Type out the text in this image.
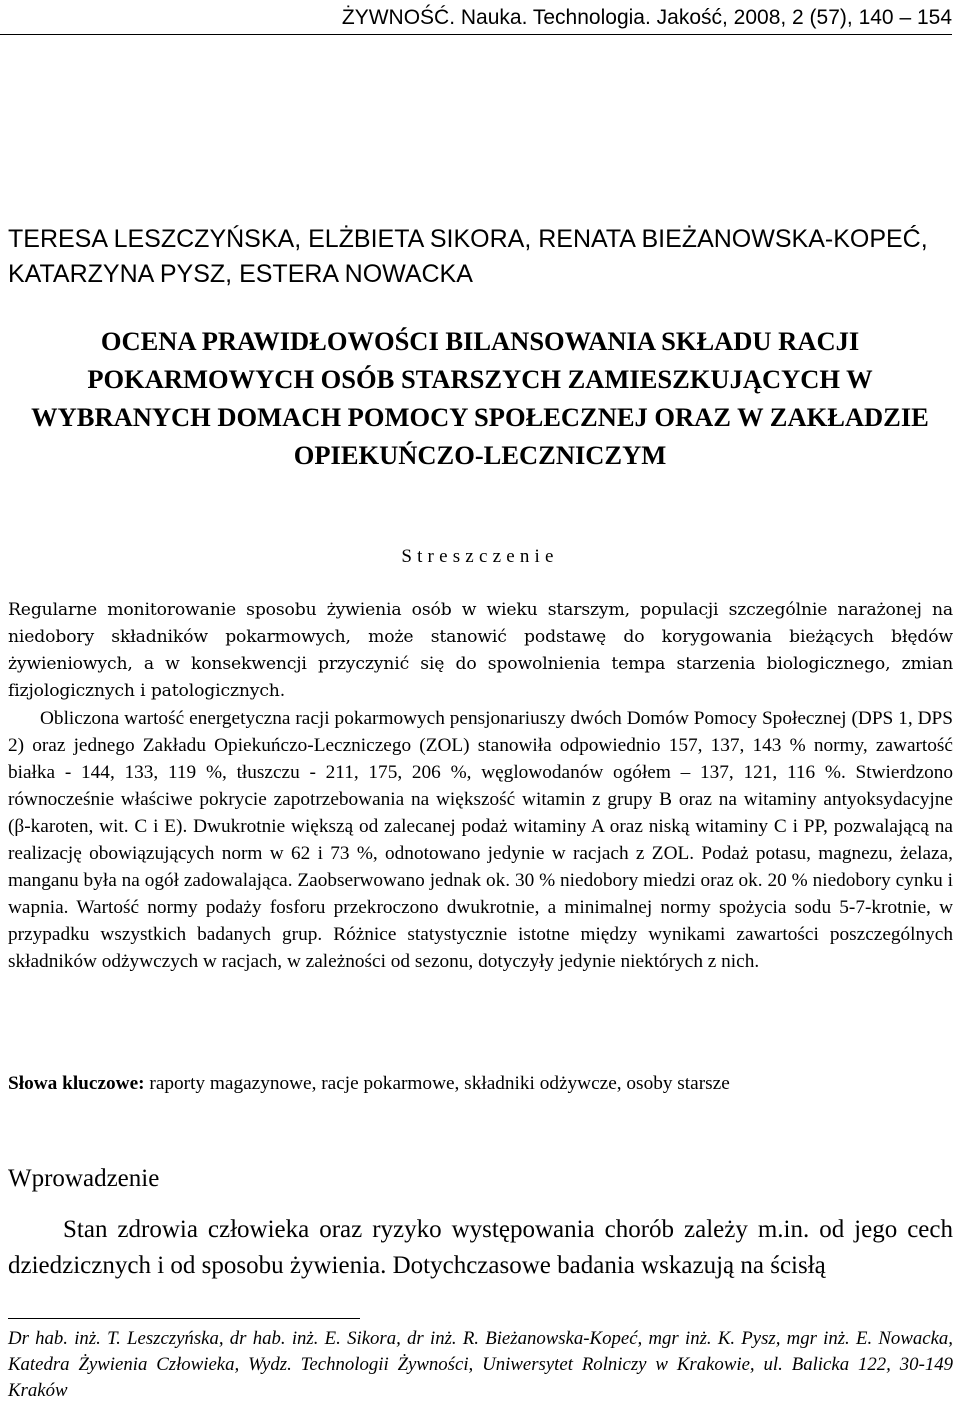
ŻYWNOŚĆ. Nauka. Technologia. Jakość, 2008, 2 (57), 140 – 154
TERESA LESZCZYŃSKA, ELŻBIETA SIKORA, RENATA BIEŻANOWSKA-KOPEĆ, KATARZYNA PYSZ, ESTERA NOWACKA
OCENA PRAWIDŁOWOŚCI BILANSOWANIA SKŁADU RACJI POKARMOWYCH OSÓB STARSZYCH ZAMIESZKUJĄCYCH W WYBRANYCH DOMACH POMOCY SPOŁECZNEJ ORAZ W ZAKŁADZIE OPIEKUŃCZO-LECZNICZYM
Streszczenie

Regularne monitorowanie sposobu żywienia osób w wieku starszym, populacji szczególnie narażonej na niedobory składników pokarmowych, może stanowić podstawę do korygowania bieżących błędów żywieniowych, a w konsekwencji przyczynić się do spowolnienia tempa starzenia biologicznego, zmian fizjologicznych i patologicznych.

Obliczona wartość energetyczna racji pokarmowych pensjonariuszy dwóch Domów Pomocy Społecznej (DPS 1, DPS 2) oraz jednego Zakładu Opiekuńczo-Leczniczego (ZOL) stanowiła odpowiednio 157, 137, 143 % normy, zawartość białka - 144, 133, 119 %, tłuszczu - 211, 175, 206 %, węglowodanów ogółem – 137, 121, 116 %. Stwierdzono równocześnie właściwe pokrycie zapotrzebowania na większość witamin z grupy B oraz na witaminy antyoksydacyjne (β-karoten, wit. C i E). Dwukrotnie większą od zalecanej podaż witaminy A oraz niską witaminy C i PP, pozwalającą na realizację obowiązujących norm w 62 i 73 %, odnotowano jedynie w racjach z ZOL. Podaż potasu, magnezu, żelaza, manganu była na ogół zadowalająca. Zaobserwowano jednak ok. 30 % niedobory miedzi oraz ok. 20 % niedobory cynku i wapnia. Wartość normy podaży fosforu przekroczono dwukrotnie, a minimalnej normy spożycia sodu 5-7-krotnie, w przypadku wszystkich badanych grup. Różnice statystycznie istotne między wynikami zawartości poszczególnych składników odżywczych w racjach, w zależności od sezonu, dotyczyły jedynie niektórych z nich.

Słowa kluczowe: raporty magazynowe, racje pokarmowe, składniki odżywcze, osoby starsze
Wprowadzenie

Stan zdrowia człowieka oraz ryzyko występowania chorób zależy m.in. od jego cech dziedzicznych i od sposobu żywienia. Dotychczasowe badania wskazują na ścisłą

Dr hab. inż. T. Leszczyńska, dr hab. inż. E. Sikora, dr inż. R. Bieżanowska-Kopeć, mgr inż. K. Pysz, mgr inż. E. Nowacka, Katedra Żywienia Człowieka, Wydz. Technologii Żywności, Uniwersytet Rolniczy w Krakowie, ul. Balicka 122, 30-149 Kraków
